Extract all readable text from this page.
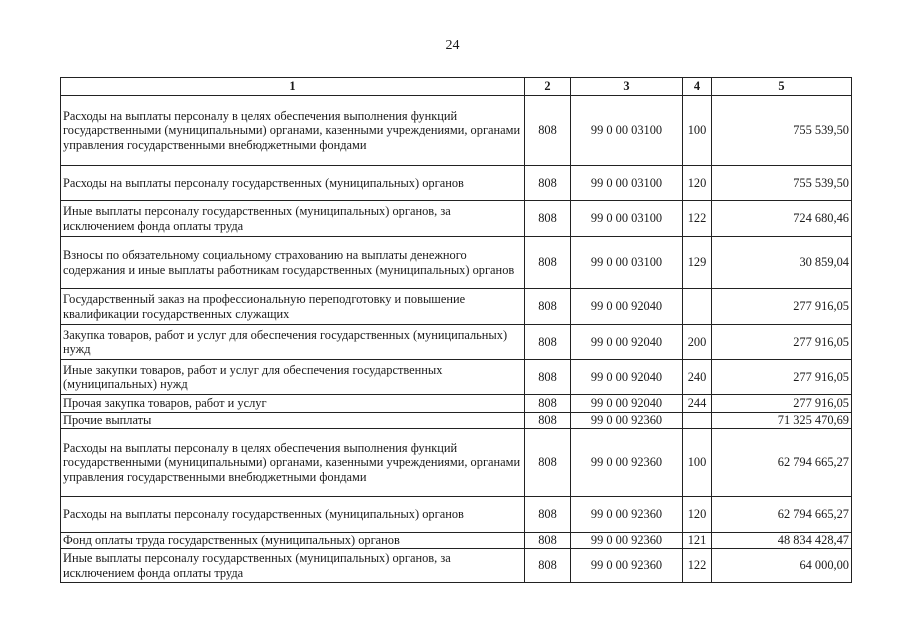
24
1	2	3	4	5
Расходы на выплаты персоналу в целях обеспечения выполнения функций государственными (муниципальными) органами, казенными учреждениями, органами управления государственными внебюджетными фондами	808	99 0 00 03100	100	755 539,50
Расходы на выплаты персоналу государственных (муниципальных) органов	808	99 0 00 03100	120	755 539,50
Иные выплаты персоналу государственных (муниципальных) органов, за исключением фонда оплаты труда	808	99 0 00 03100	122	724 680,46
Взносы по обязательному социальному страхованию на выплаты денежного содержания и иные выплаты работникам государственных (муниципальных) органов	808	99 0 00 03100	129	30 859,04
Государственный заказ на профессиональную переподготовку и повышение квалификации государственных служащих	808	99 0 00 92040		277 916,05
Закупка товаров, работ и услуг для обеспечения государственных (муниципальных) нужд	808	99 0 00 92040	200	277 916,05
Иные закупки товаров, работ и услуг для обеспечения государственных (муниципальных) нужд	808	99 0 00 92040	240	277 916,05
Прочая закупка товаров, работ и услуг	808	99 0 00 92040	244	277 916,05
Прочие выплаты	808	99 0 00 92360		71 325 470,69
Расходы на выплаты персоналу в целях обеспечения выполнения функций государственными (муниципальными) органами, казенными учреждениями, органами управления государственными внебюджетными фондами	808	99 0 00 92360	100	62 794 665,27
Расходы на выплаты персоналу государственных (муниципальных) органов	808	99 0 00 92360	120	62 794 665,27
Фонд оплаты труда государственных (муниципальных) органов	808	99 0 00 92360	121	48 834 428,47
Иные выплаты персоналу государственных (муниципальных) органов, за исключением фонда оплаты труда	808	99 0 00 92360	122	64 000,00
